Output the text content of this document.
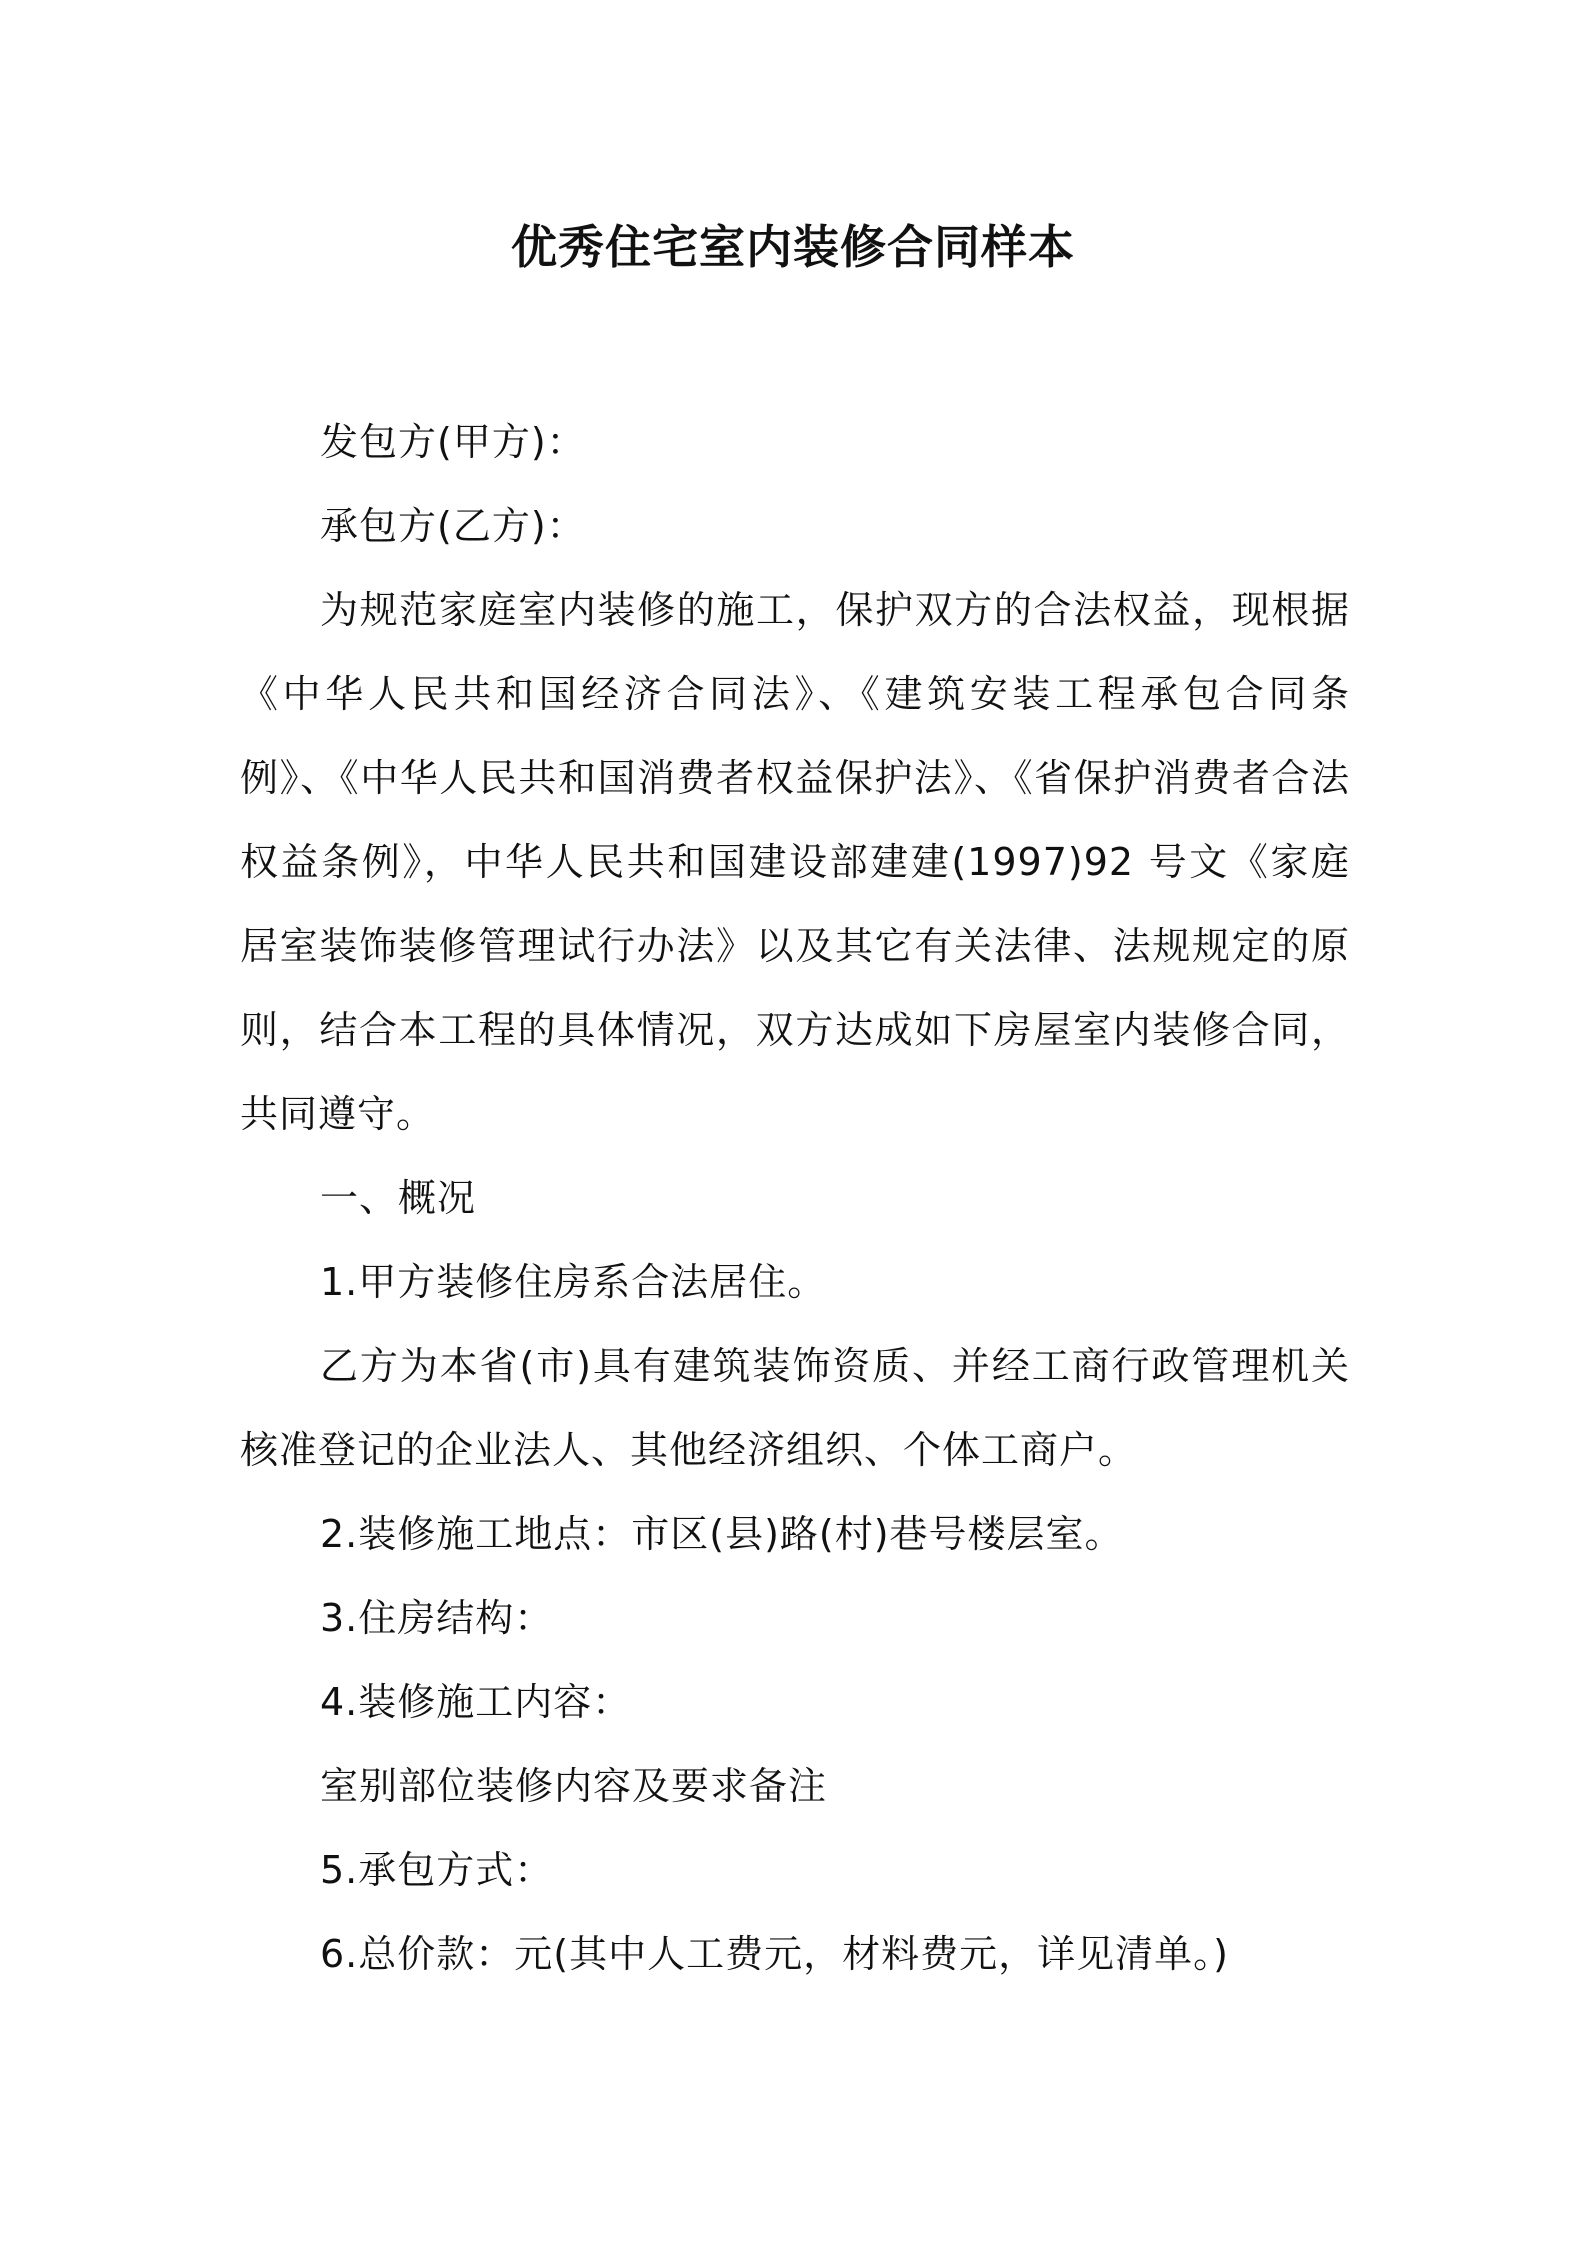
优秀住宅室内装修合同样本

发包方(甲方)：

承包方(乙方)：

为规范家庭室内装修的施工，保护双方的合法权益，现根据《中华人民共和国经济合同法》、《建筑安装工程承包合同条例》、《中华人民共和国消费者权益保护法》、《省保护消费者合法权益条例》，中华人民共和国建设部建建(1997)92 号文《家庭居室装饰装修管理试行办法》以及其它有关法律、法规规定的原则，结合本工程的具体情况，双方达成如下房屋室内装修合同，共同遵守。

一、概况

1.甲方装修住房系合法居住。

乙方为本省(市)具有建筑装饰资质、并经工商行政管理机关核准登记的企业法人、其他经济组织、个体工商户。

2.装修施工地点：市区(县)路(村)巷号楼层室。

3.住房结构：

4.装修施工内容：

室别部位装修内容及要求备注

5.承包方式：

6.总价款：元(其中人工费元，材料费元，详见清单。)
